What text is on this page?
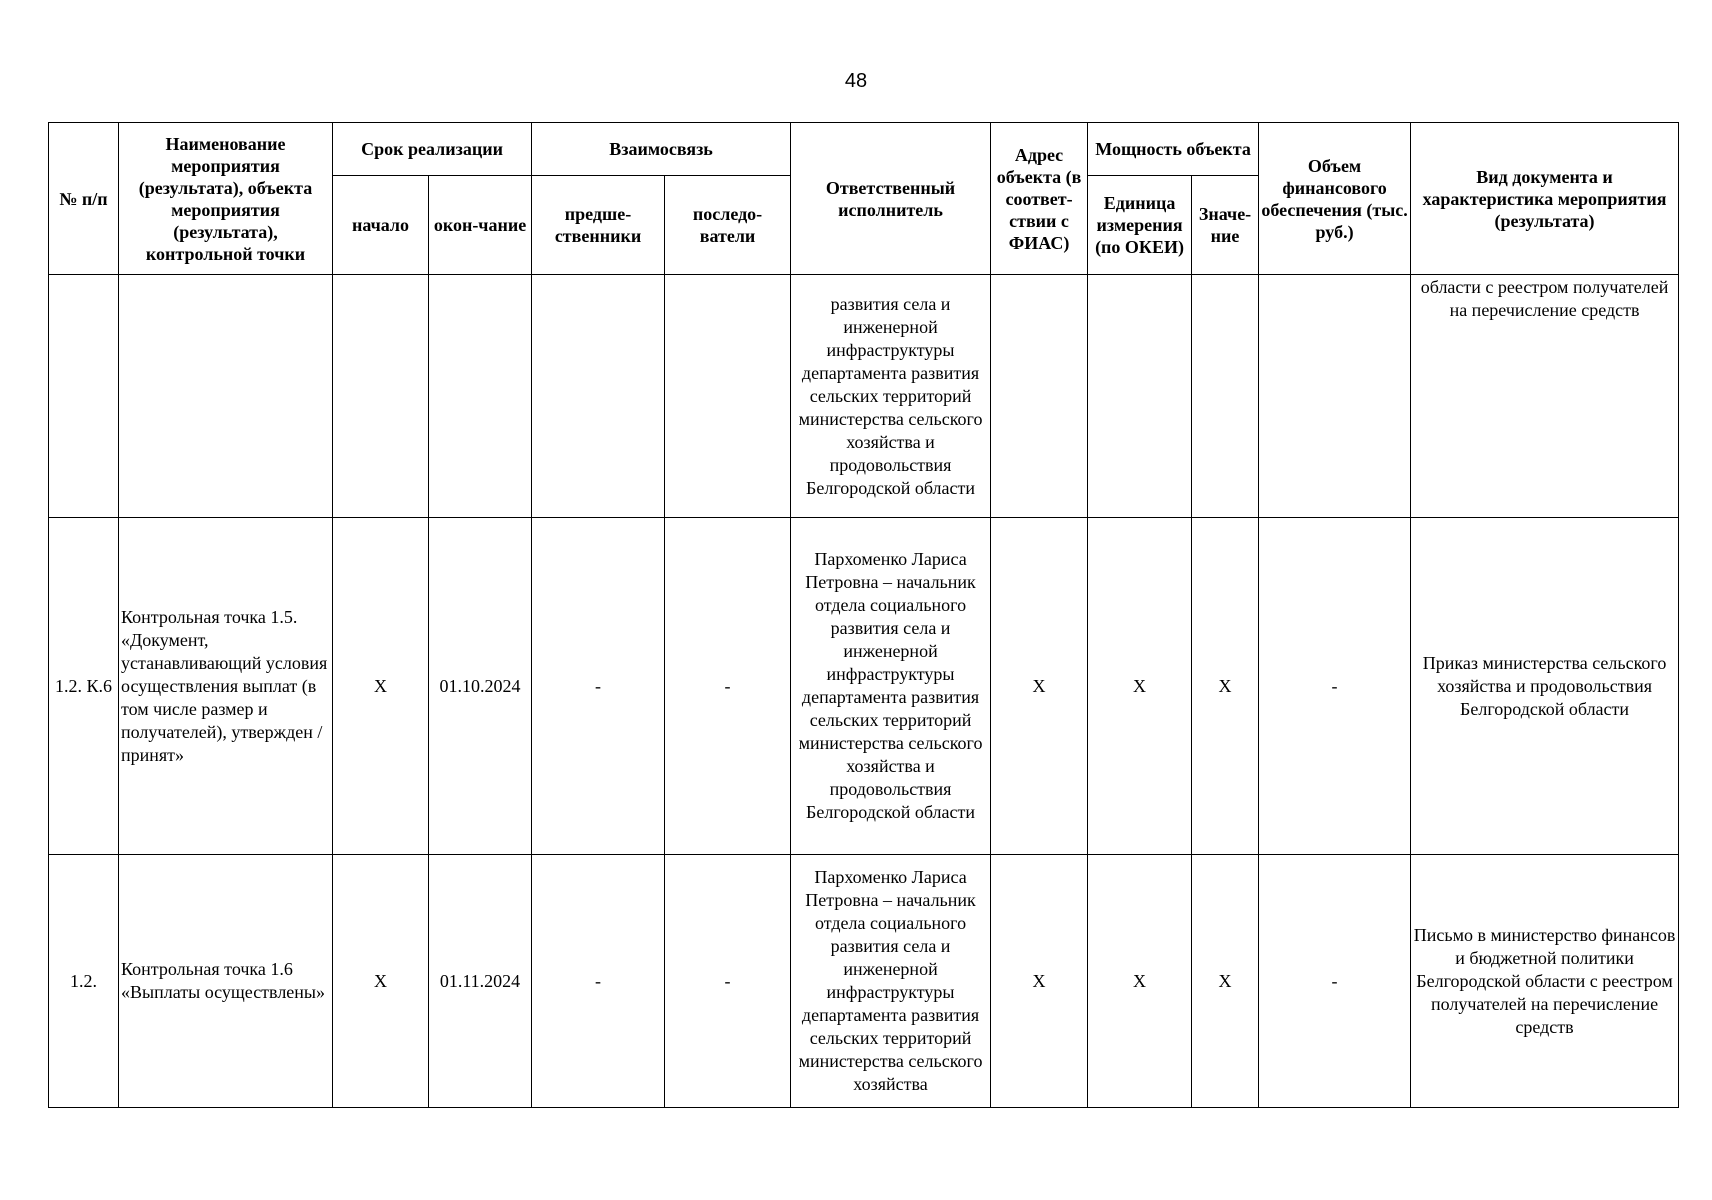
48
№ п/п	Наименование мероприятия (результата), объекта мероприятия (результата), контрольной точки	Срок реализации		Взаимосвязь		Ответственный исполнитель	Адрес объекта (в соответ-ствии с ФИАС)	Мощность объекта		Объем финансового обеспечения (тыс. руб.)	Вид документа и характеристика мероприятия (результата)
		начало	окон-чание	предше-ственники	последо-ватели			Единица измерения (по ОКЕИ)	Значе-ние		
						развития села и инженерной инфраструктуры департамента развития сельских территорий министерства сельского хозяйства и продовольствия Белгородской области					области с реестром получателей на перечисление средств
1.2. К.6	Контрольная точка 1.5. «Документ, устанавливающий условия осуществления выплат (в том числе размер и получателей), утвержден / принят»	X	01.10.2024	-	-	Пархоменко Лариса Петровна – начальник отдела социального развития села и инженерной инфраструктуры департамента развития сельских территорий министерства сельского хозяйства и продовольствия Белгородской области	X	X	X	-	Приказ министерства сельского хозяйства и продовольствия Белгородской области
1.2.	Контрольная точка 1.6 «Выплаты осуществлены»	X	01.11.2024	-	-	Пархоменко Лариса Петровна – начальник отдела социального развития села и инженерной инфраструктуры департамента развития сельских территорий министерства сельского хозяйства	X	X	X	-	Письмо в министерство финансов и бюджетной политики Белгородской области с реестром получателей на перечисление средств
